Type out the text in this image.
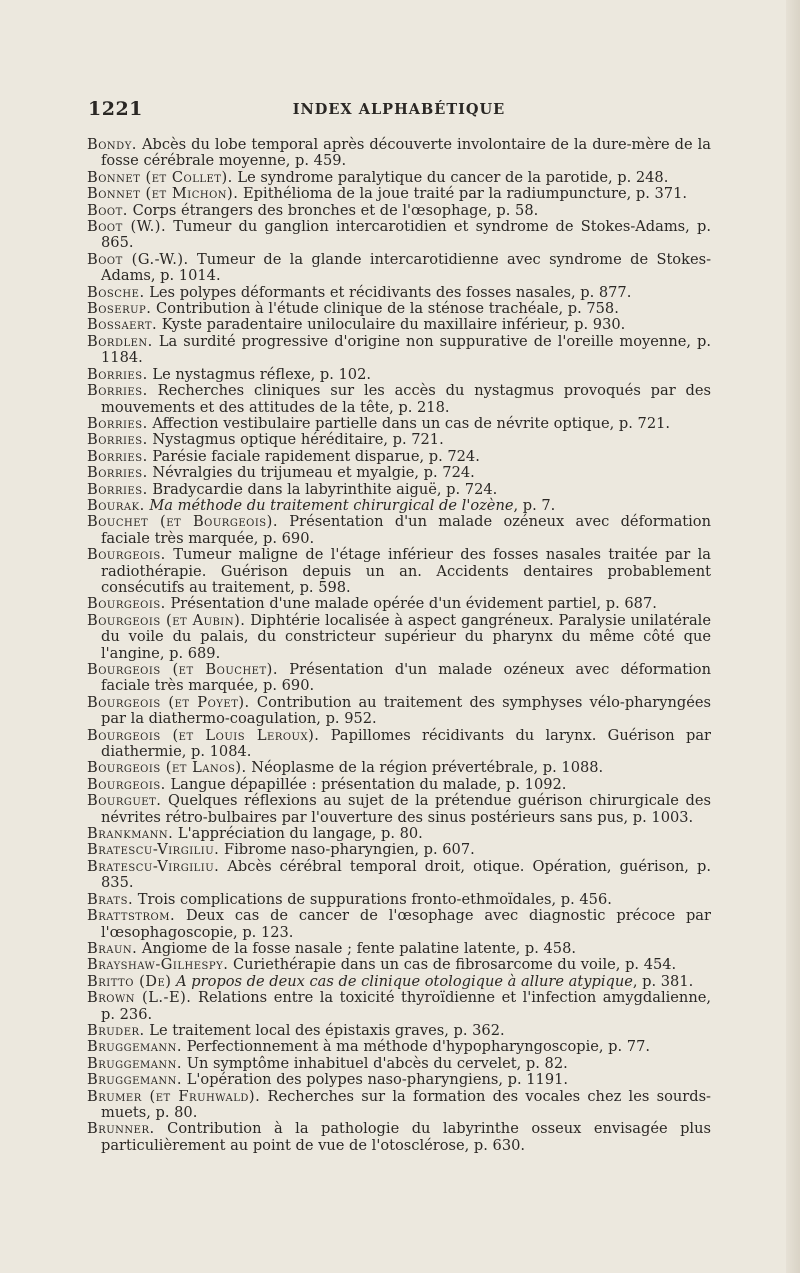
1221	INDEX ALPHABÉTIQUE
Bondy. Abcès du lobe temporal après découverte involontaire de la dure-mère de la fosse cérébrale moyenne, p. 459.
Bonnet (et Collet). Le syndrome paralytique du cancer de la parotide, p. 248.
Bonnet (et Michon). Epithélioma de la joue traité par la radiumpuncture, p. 371.
Boot. Corps étrangers des bronches et de l'œsophage, p. 58.
Boot (W.). Tumeur du ganglion intercarotidien et syndrome de Stokes-Adams, p. 865.
Boot (G.-W.). Tumeur de la glande intercarotidienne avec syndrome de Stokes-Adams, p. 1014.
Bosche. Les polypes déformants et récidivants des fosses nasales, p. 877.
Boserup. Contribution à l'étude clinique de la sténose trachéale, p. 758.
Bossaert. Kyste paradentaire uniloculaire du maxillaire inférieur, p. 930.
Bordlen. La surdité progressive d'origine non suppurative de l'oreille moyenne, p. 1184.
Borries. Le nystagmus réflexe, p. 102.
Borries. Recherches cliniques sur les accès du nystagmus provoqués par des mouvements et des attitudes de la tête, p. 218.
Borries. Affection vestibulaire partielle dans un cas de névrite optique, p. 721.
Borries. Nystagmus optique héréditaire, p. 721.
Borries. Parésie faciale rapidement disparue, p. 724.
Borries. Névralgies du trijumeau et myalgie, p. 724.
Borries. Bradycardie dans la labyrinthite aiguë, p. 724.
Bourak. Ma méthode du traitement chirurgical de l'ozène, p. 7.
Bouchet (et Bourgeois). Présentation d'un malade ozéneux avec déformation faciale très marquée, p. 690.
Bourgeois. Tumeur maligne de l'étage inférieur des fosses nasales traitée par la radiothérapie. Guérison depuis un an. Accidents dentaires probablement consécutifs au traitement, p. 598.
Bourgeois. Présentation d'une malade opérée d'un évidement partiel, p. 687.
Bourgeois (et Aubin). Diphtérie localisée à aspect gangréneux. Paralysie unilatérale du voile du palais, du constricteur supérieur du pharynx du même côté que l'angine, p. 689.
Bourgeois (et Bouchet). Présentation d'un malade ozéneux avec déformation faciale très marquée, p. 690.
Bourgeois (et Poyet). Contribution au traitement des symphyses vélo-pharyngées par la diathermo-coagulation, p. 952.
Bourgeois (et Louis Leroux). Papillomes récidivants du larynx. Guérison par diathermie, p. 1084.
Bourgeois (et Lanos). Néoplasme de la région prévertébrale, p. 1088.
Bourgeois. Langue dépapillée : présentation du malade, p. 1092.
Bourguet. Quelques réflexions au sujet de la prétendue guérison chirurgicale des névrites rétro-bulbaires par l'ouverture des sinus postérieurs sans pus, p. 1003.
Brankmann. L'appréciation du langage, p. 80.
Bratescu-Virgiliu. Fibrome naso-pharyngien, p. 607.
Bratescu-Virgiliu. Abcès cérébral temporal droit, otique. Opération, guérison, p. 835.
Brats. Trois complications de suppurations fronto-ethmoïdales, p. 456.
Brattstrom. Deux cas de cancer de l'œsophage avec diagnostic précoce par l'œsophagoscopie, p. 123.
Braun. Angiome de la fosse nasale ; fente palatine latente, p. 458.
Brayshaw-Gilhespy. Curiethérapie dans un cas de fibrosarcome du voile, p. 454.
Britto (De) A propos de deux cas de clinique otologique à allure atypique, p. 381.
Brown (L.-E). Relations entre la toxicité thyroïdienne et l'infection amygdalienne, p. 236.
Bruder. Le traitement local des épistaxis graves, p. 362.
Bruggemann. Perfectionnement à ma méthode d'hypopharyngoscopie, p. 77.
Bruggemann. Un symptôme inhabituel d'abcès du cervelet, p. 82.
Bruggemann. L'opération des polypes naso-pharyngiens, p. 1191.
Brumer (et Fruhwald). Recherches sur la formation des vocales chez les sourds-muets, p. 80.
Brunner. Contribution à la pathologie du labyrinthe osseux envisagée plus particulièrement au point de vue de l'otosclérose, p. 630.
